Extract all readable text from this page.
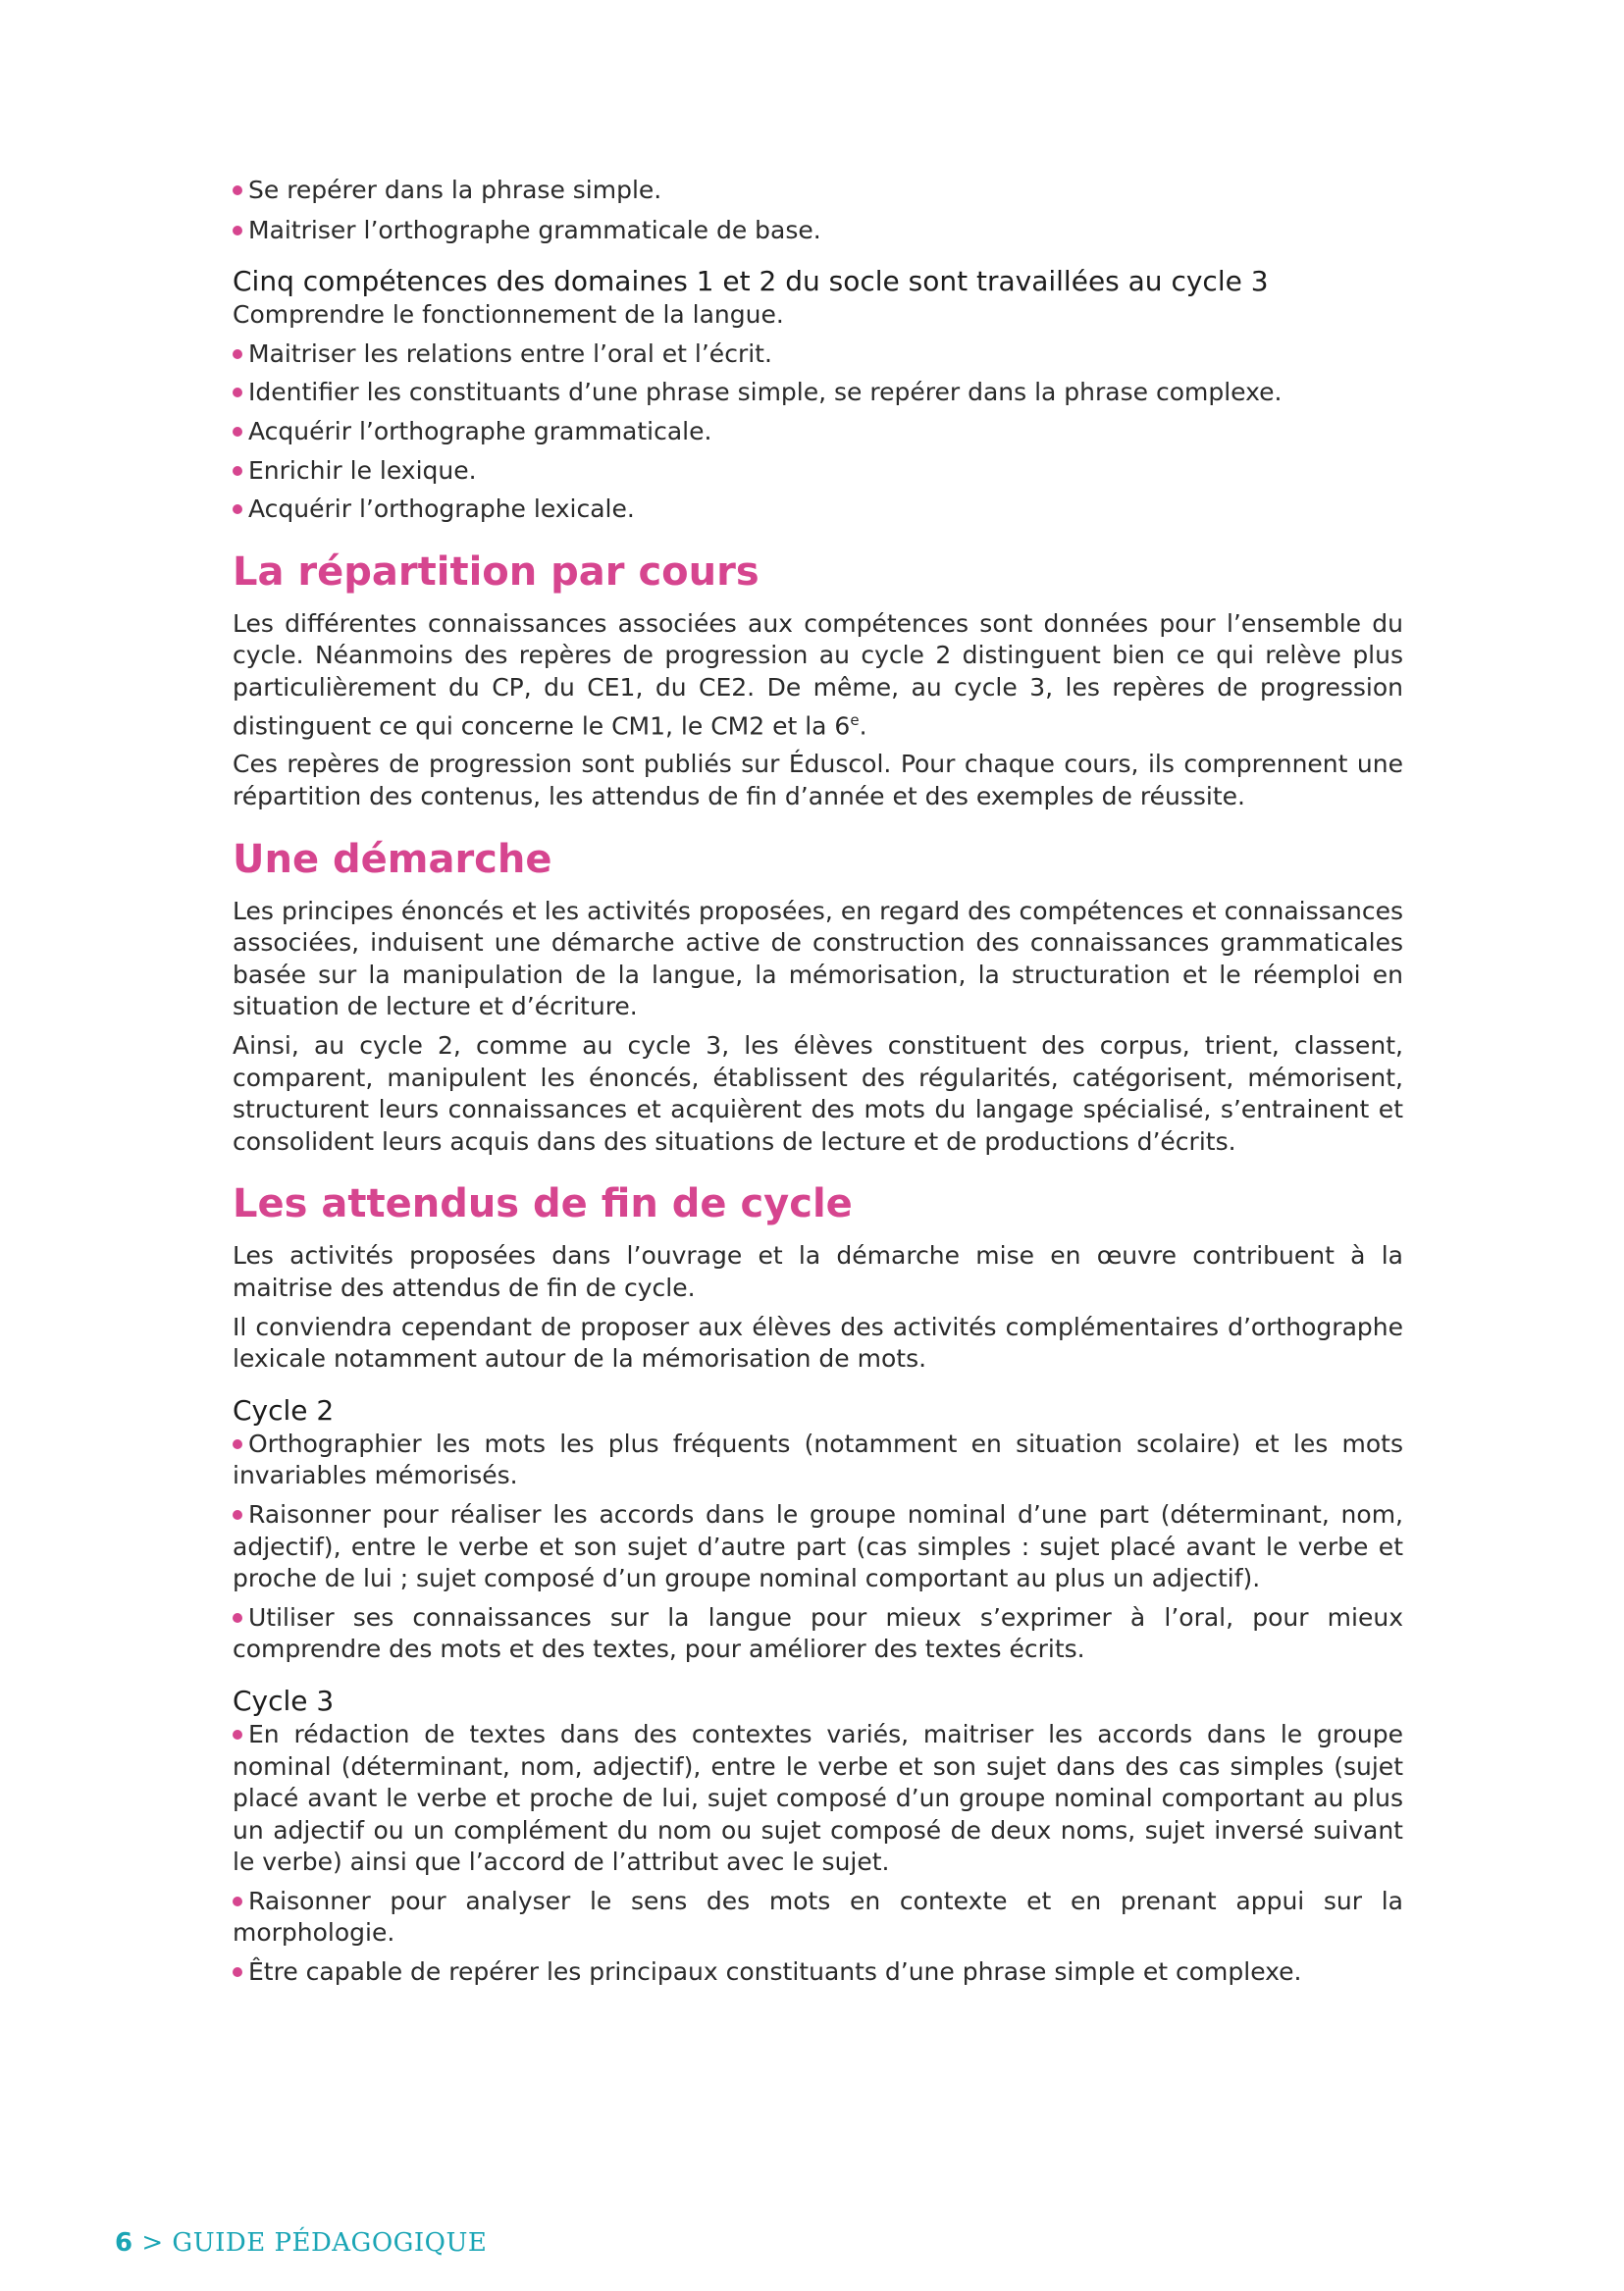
Se repérer dans la phrase simple.

Maitriser l’orthographe grammaticale de base.

Cinq compétences des domaines 1 et 2 du socle sont travaillées au cycle 3

Comprendre le fonctionnement de la langue.

Maitriser les relations entre l’oral et l’écrit.

Identifier les constituants d’une phrase simple, se repérer dans la phrase complexe.

Acquérir l’orthographe grammaticale.

Enrichir le lexique.

Acquérir l’orthographe lexicale.

La répartition par cours

Les différentes connaissances associées aux compétences sont données pour l’ensemble du cycle. Néanmoins des repères de progression au cycle 2 distinguent bien ce qui relève plus particulièrement du CP, du CE1, du CE2. De même, au cycle 3, les repères de progression distinguent ce qui concerne le CM1, le CM2 et la 6e.

Ces repères de progression sont publiés sur Éduscol. Pour chaque cours, ils comprennent une répartition des contenus, les attendus de fin d’année et des exemples de réussite.

Une démarche

Les principes énoncés et les activités proposées, en regard des compétences et connaissances associées, induisent une démarche active de construction des connaissances grammaticales basée sur la manipulation de la langue, la mémorisation, la structuration et le réemploi en situation de lecture et d’écriture.

Ainsi, au cycle 2, comme au cycle 3, les élèves constituent des corpus, trient, classent, comparent, manipulent les énoncés, établissent des régularités, catégorisent, mémorisent, structurent leurs connaissances et acquièrent des mots du langage spécialisé, s’entrainent et consolident leurs acquis dans des situations de lecture et de productions d’écrits.

Les attendus de fin de cycle

Les activités proposées dans l’ouvrage et la démarche mise en œuvre contribuent à la maitrise des attendus de fin de cycle.

Il conviendra cependant de proposer aux élèves des activités complémentaires d’orthographe lexicale notamment autour de la mémorisation de mots.

Cycle 2

Orthographier les mots les plus fréquents (notamment en situation scolaire) et les mots invariables mémorisés.

Raisonner pour réaliser les accords dans le groupe nominal d’une part (déterminant, nom, adjectif), entre le verbe et son sujet d’autre part (cas simples : sujet placé avant le verbe et proche de lui ; sujet composé d’un groupe nominal comportant au plus un adjectif).

Utiliser ses connaissances sur la langue pour mieux s’exprimer à l’oral, pour mieux comprendre des mots et des textes, pour améliorer des textes écrits.

Cycle 3

En rédaction de textes dans des contextes variés, maitriser les accords dans le groupe nominal (déterminant, nom, adjectif), entre le verbe et son sujet dans des cas simples (sujet placé avant le verbe et proche de lui, sujet composé d’un groupe nominal comportant au plus un adjectif ou un complément du nom ou sujet composé de deux noms, sujet inversé suivant le verbe) ainsi que l’accord de l’attribut avec le sujet.

Raisonner pour analyser le sens des mots en contexte et en prenant appui sur la morphologie.

Être capable de repérer les principaux constituants d’une phrase simple et complexe.

6 > GUIDE PÉDAGOGIQUE
